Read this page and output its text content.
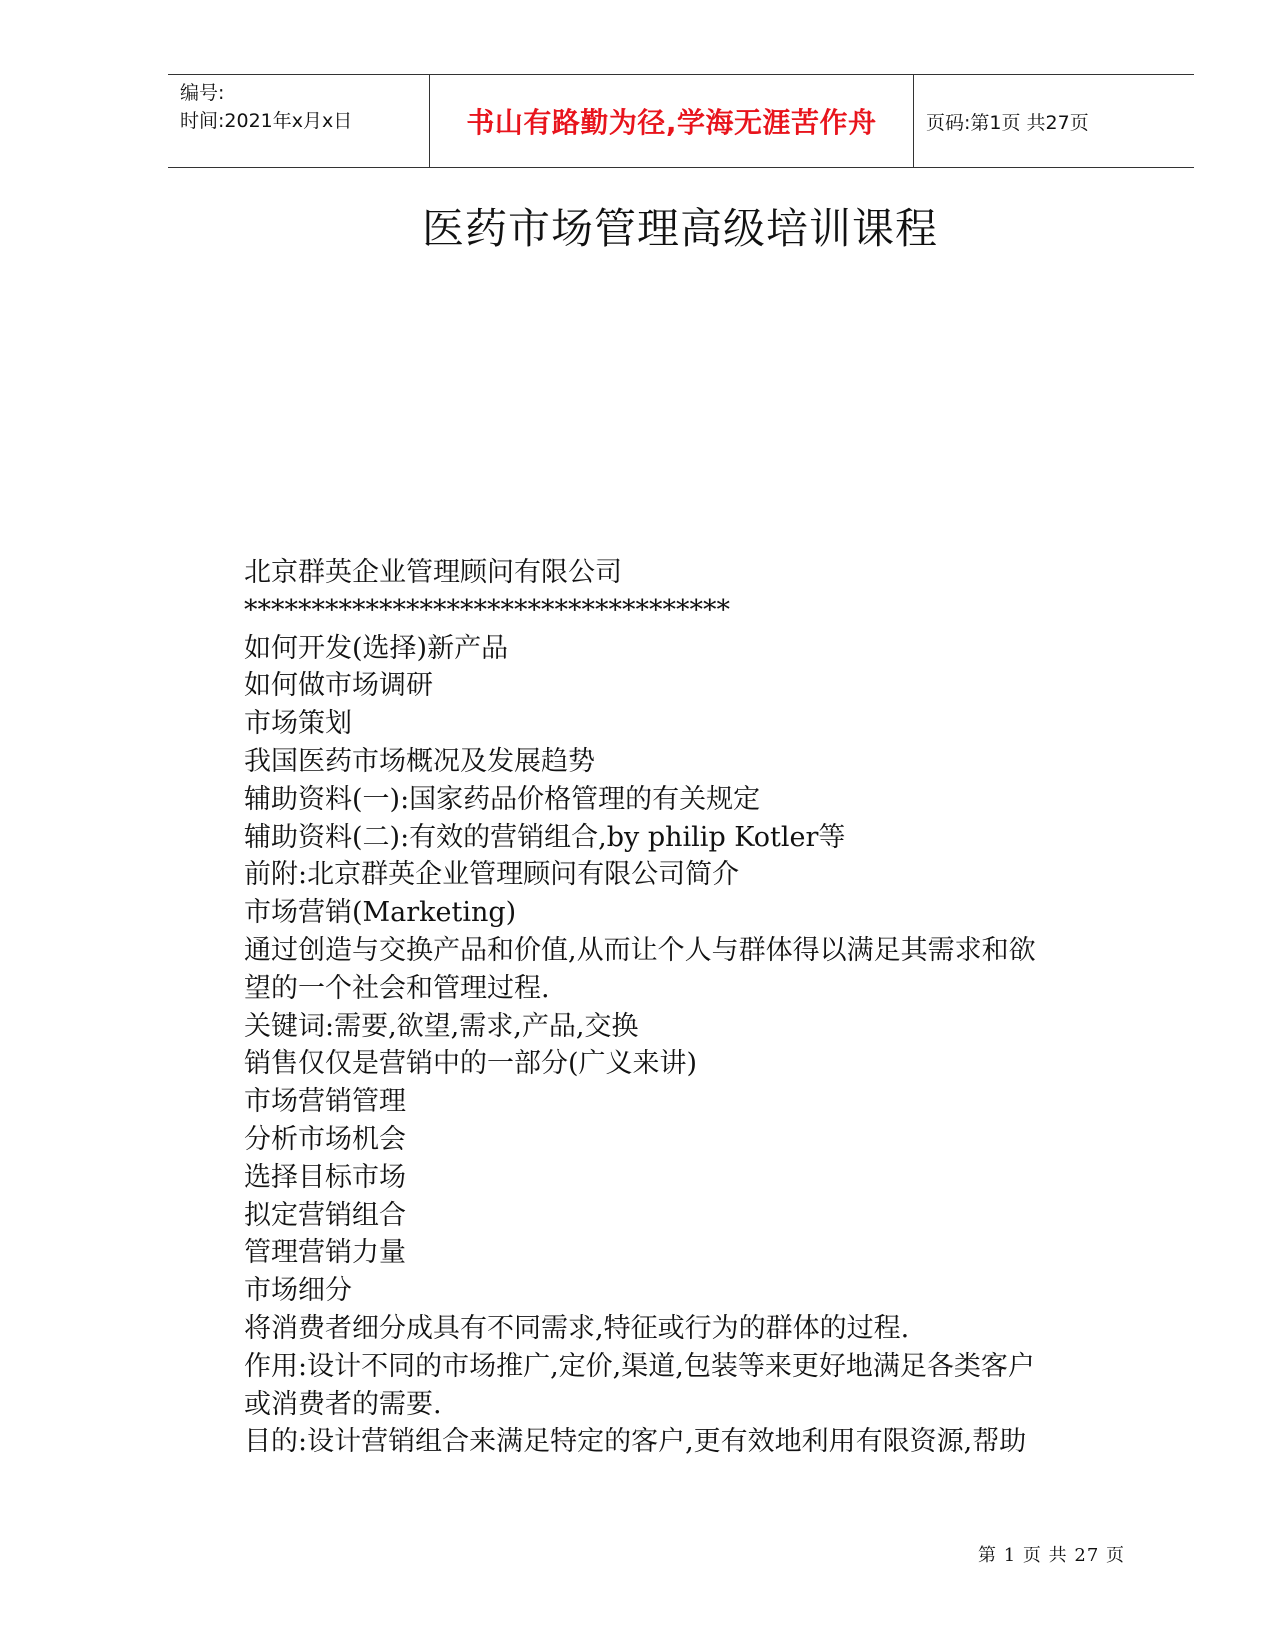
编号:
时间:2021年x月x日	书山有路勤为径,学海无涯苦作舟	页码:第1页 共27页
医药市场管理高级培训课程
北京群英企业管理顾问有限公司
************************************
如何开发(选择)新产品
如何做市场调研
市场策划
我国医药市场概况及发展趋势
辅助资料(一):国家药品价格管理的有关规定
辅助资料(二):有效的营销组合,by philip Kotler等
前附:北京群英企业管理顾问有限公司简介
市场营销(Marketing)
通过创造与交换产品和价值,从而让个人与群体得以满足其需求和欲
望的一个社会和管理过程.
关键词:需要,欲望,需求,产品,交换
销售仅仅是营销中的一部分(广义来讲)
市场营销管理
分析市场机会
选择目标市场
拟定营销组合
管理营销力量
市场细分
将消费者细分成具有不同需求,特征或行为的群体的过程.
作用:设计不同的市场推广,定价,渠道,包装等来更好地满足各类客户
或消费者的需要.
目的:设计营销组合来满足特定的客户,更有效地利用有限资源,帮助
第 1 页 共 27 页
